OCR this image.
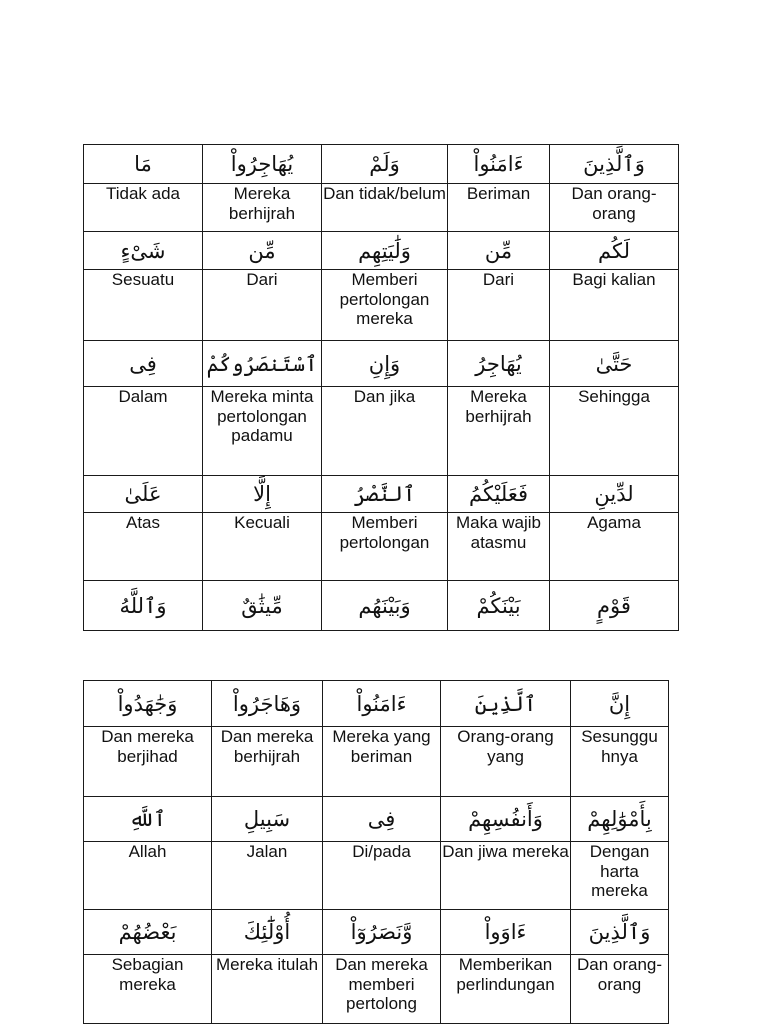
مَا	يُهَاجِرُواْ	وَلَمْ	ءَامَنُواْ	وَٱلَّذِينَ
Tidak ada	Mereka berhijrah	Dan tidak/belum	Beriman	Dan orang-orang
شَىْءٍ	مِّن	وَلَٰيَتِهِم	مِّن	لَكُم
Sesuatu	Dari	Memberi pertolongan mereka	Dari	Bagi kalian
فِى	ٱسْتَنصَرُوكُمْ	وَإِنِ	يُهَاجِرُ	حَتَّىٰ
Dalam	Mereka minta pertolongan padamu	Dan jika	Mereka berhijrah	Sehingga
عَلَىٰ	إِلَّا	ٱلنَّصْرُ	فَعَلَيْكُمُ	لدِّينِ
Atas	Kecuali	Memberi pertolongan	Maka wajib atasmu	Agama
وَٱللَّهُ	مِّيثَٰقٌ	وَبَيْنَهُم	بَيْنَكُمْ	قَوْمٍ
وَجَٰهَدُواْ	وَهَاجَرُواْ	ءَامَنُواْ	ٱلَّذِينَ	إِنَّ
Dan mereka berjihad	Dan mereka berhijrah	Mereka yang beriman	Orang-orang yang	Sesunggu hnya
ٱللَّهِ	سَبِيلِ	فِى	وَأَنفُسِهِمْ	بِأَمْوَٰلِهِمْ
Allah	Jalan	Di/pada	Dan jiwa mereka	Dengan harta mereka
بَعْضُهُمْ	أُوْلَٰٓئِكَ	وَّنَصَرُوٓاْ	ءَاوَواْ	وَٱلَّذِينَ
Sebagian mereka	Mereka itulah	Dan mereka memberi pertolong	Memberikan perlindungan	Dan orang-orang
